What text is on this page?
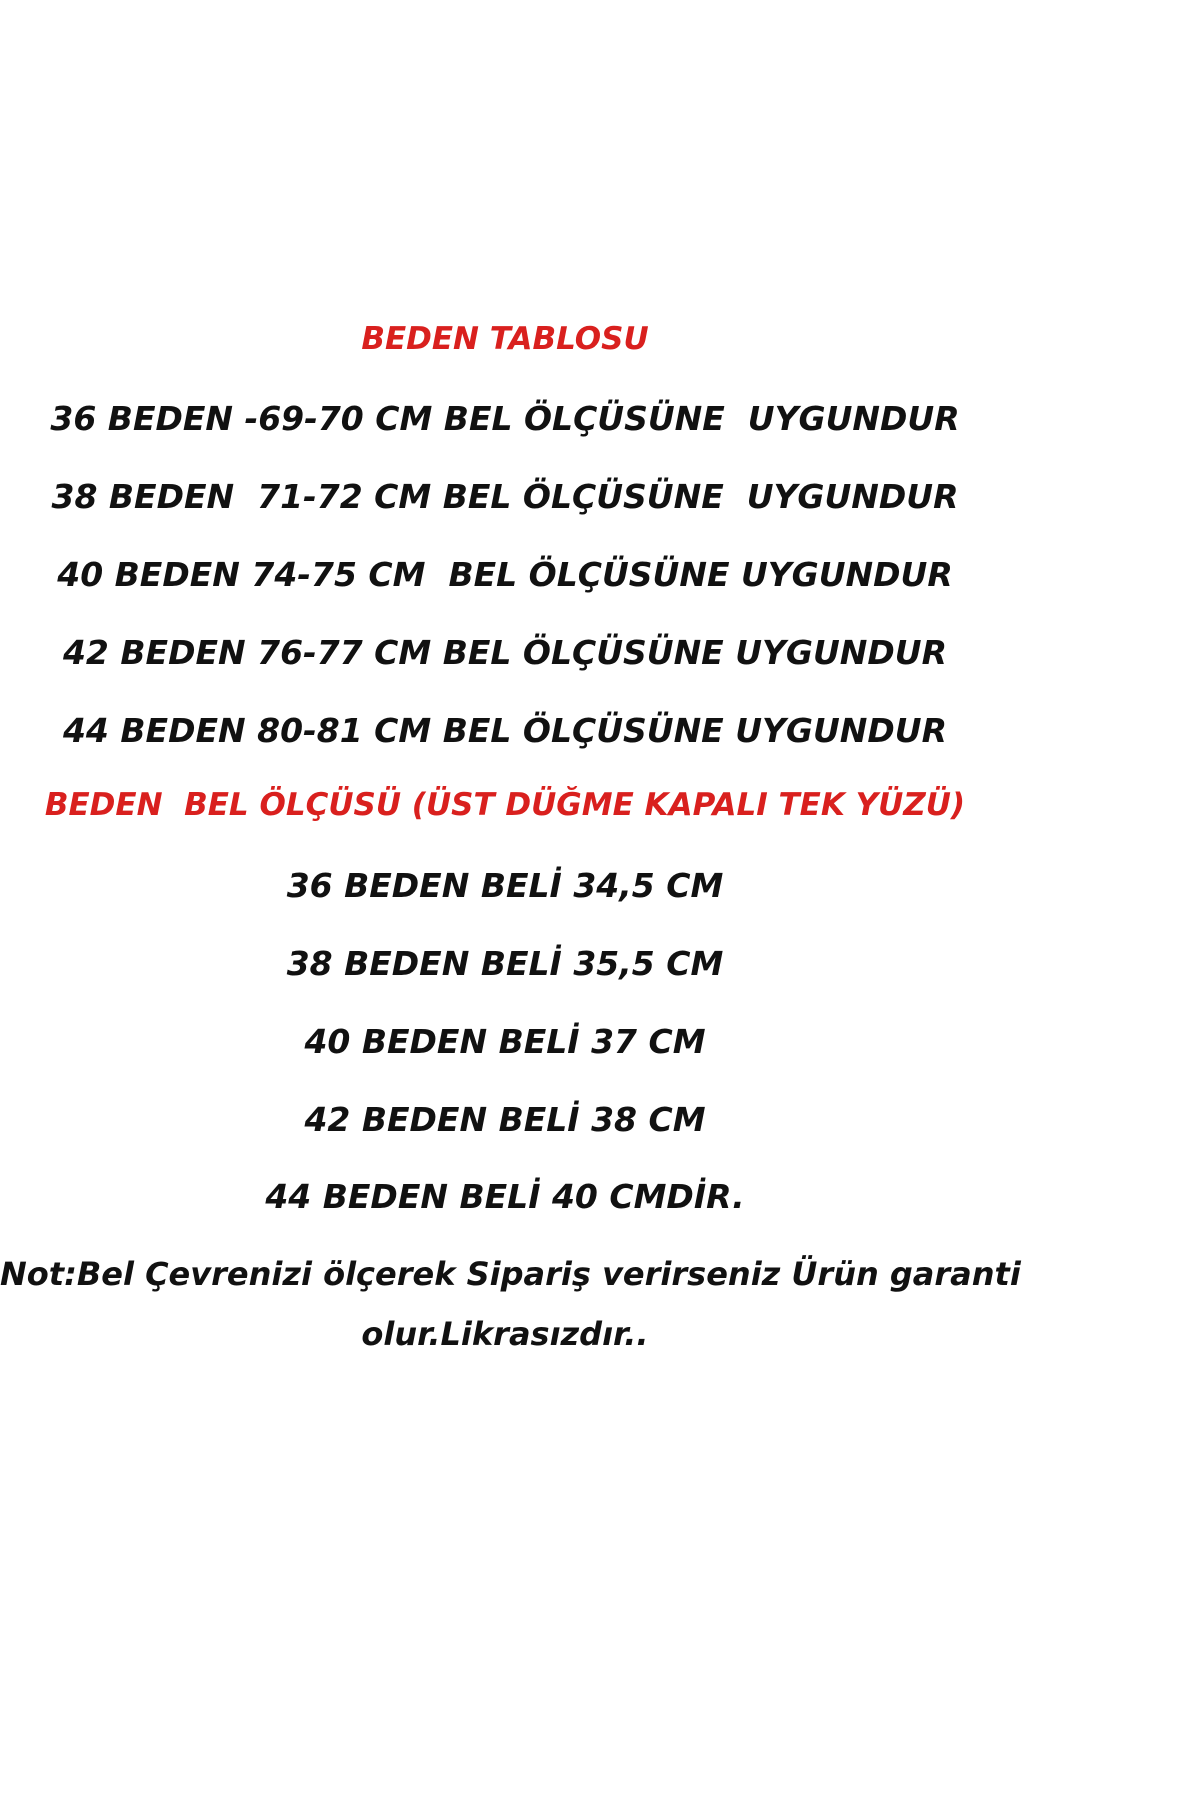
BEDEN TABLOSU
36 BEDEN -69-70 CM BEL ÖLÇÜSÜNE  UYGUNDUR
38 BEDEN  71-72 CM BEL ÖLÇÜSÜNE  UYGUNDUR
40 BEDEN 74-75 CM  BEL ÖLÇÜSÜNE UYGUNDUR
42 BEDEN 76-77 CM BEL ÖLÇÜSÜNE UYGUNDUR
44 BEDEN 80-81 CM BEL ÖLÇÜSÜNE UYGUNDUR
BEDEN  BEL ÖLÇÜSÜ (ÜST DÜĞME KAPALI TEK YÜZÜ)
36 BEDEN BELİ 34,5 CM
38 BEDEN BELİ 35,5 CM
40 BEDEN BELİ 37 CM
42 BEDEN BELİ 38 CM
44 BEDEN BELİ 40 CMDİR.
Not:Bel Çevrenizi ölçerek Sipariş verirseniz Ürün garanti
olur.Likrasızdır..
